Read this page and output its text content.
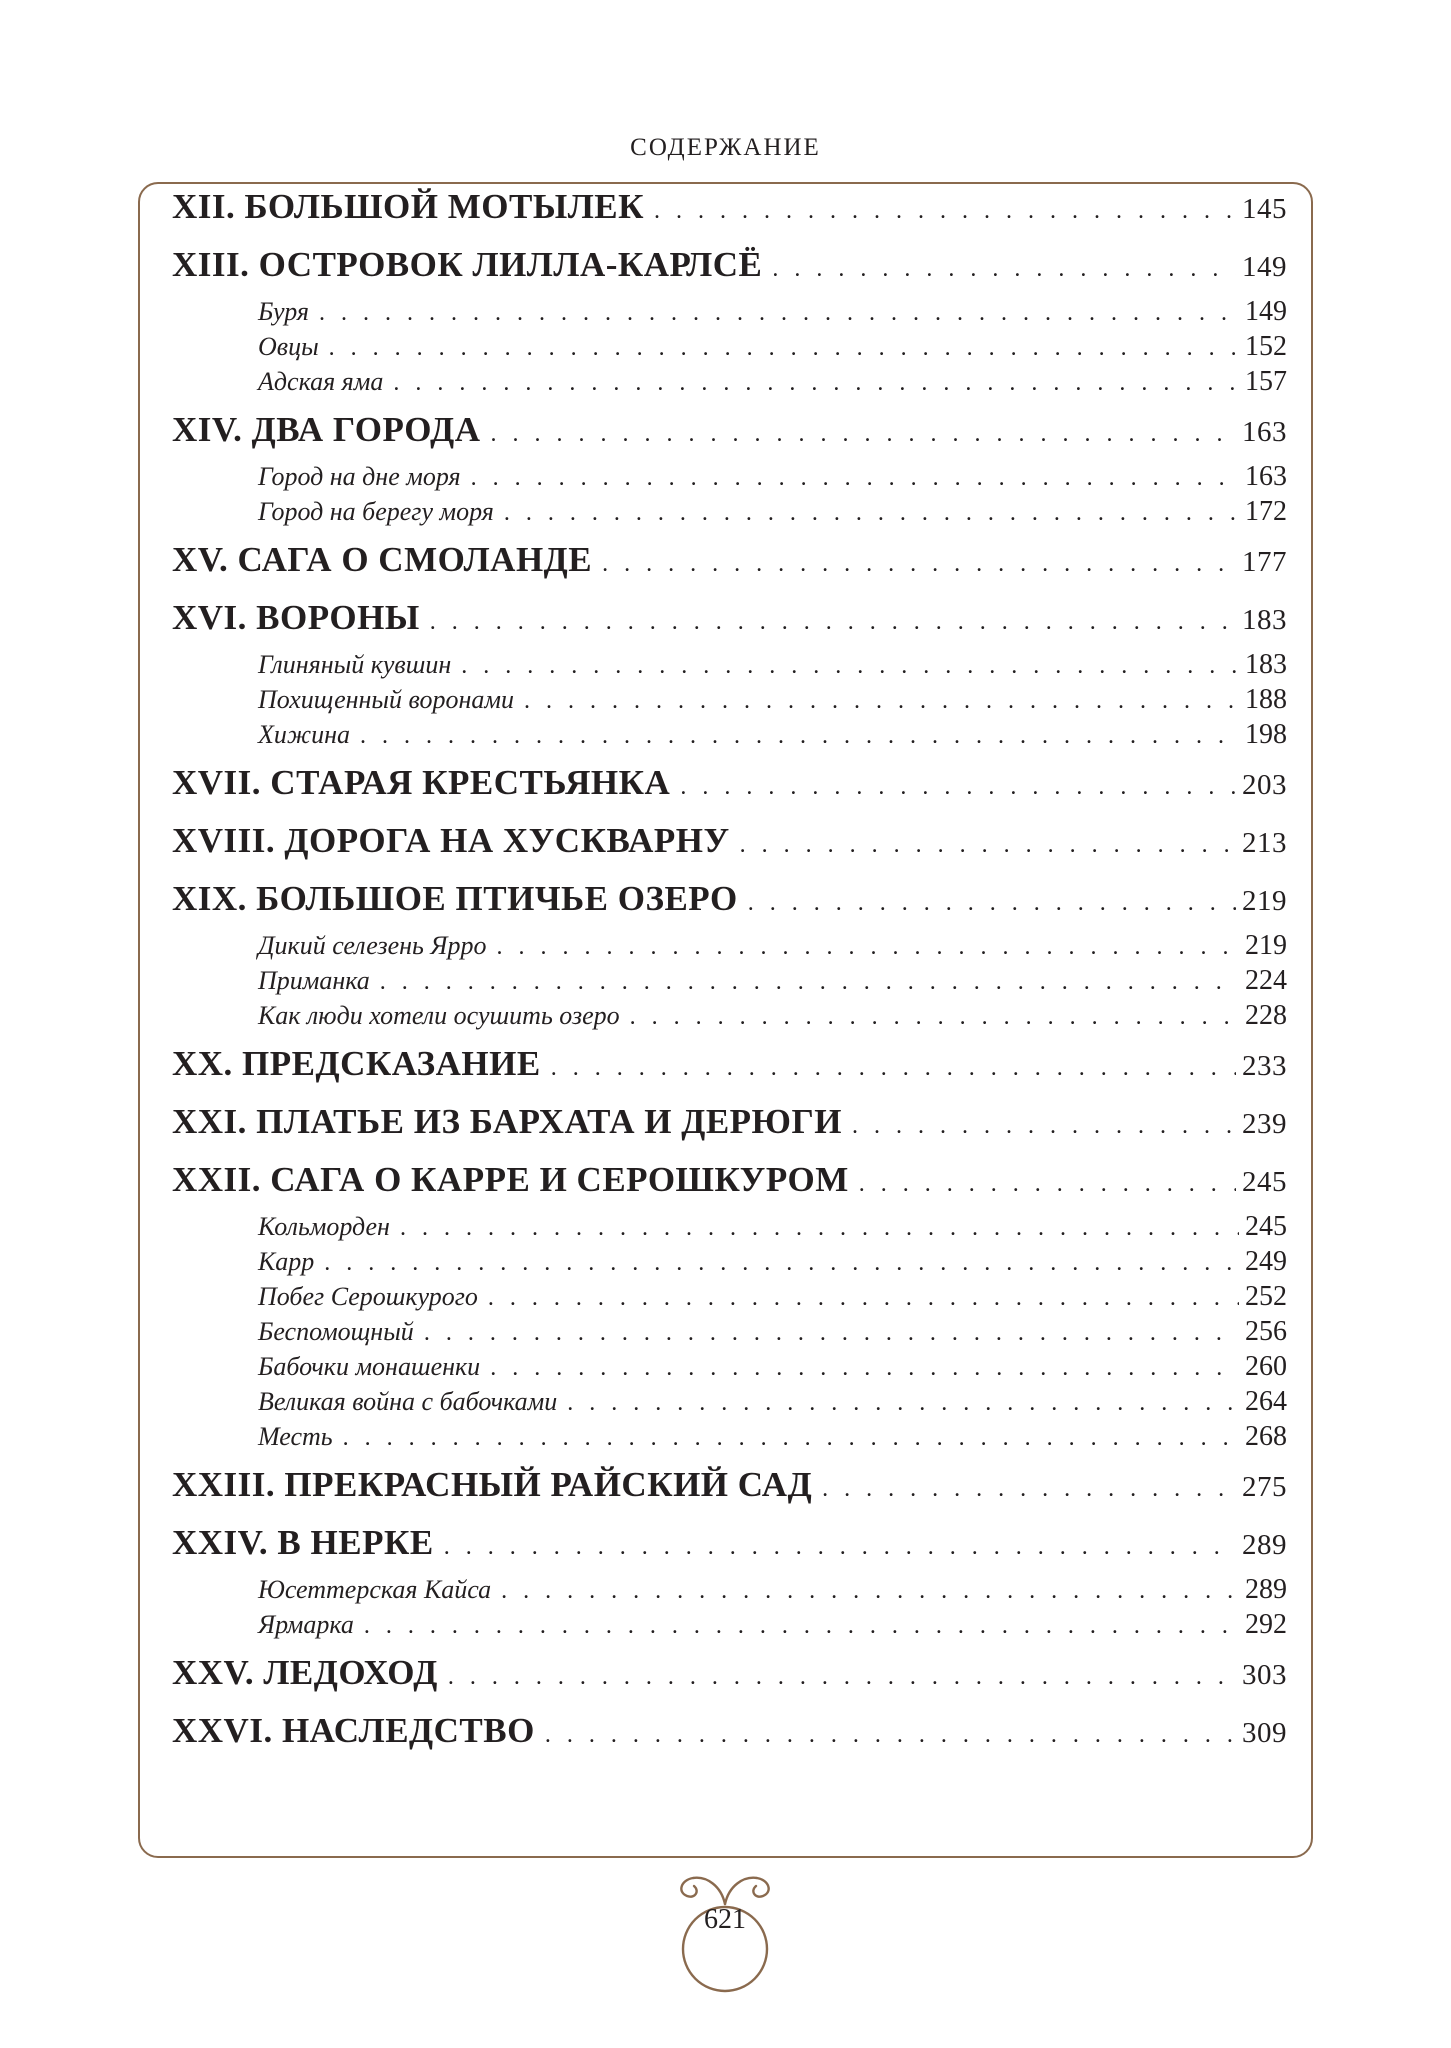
СОДЕРЖАНИЕ
XII. БОЛЬШОЙ МОТЫЛЕК . . .	145
XIII. ОСТРОВОК ЛИЛЛА-КАРЛСЁ . . .	149
Буря . . .	149
Овцы . . .	152
Адская яма . . .	157
XIV. ДВА ГОРОДА . . .	163
Город на дне моря . . .	163
Город на берегу моря . . .	172
XV. САГА О СМОЛАНДЕ . . .	177
XVI. ВОРОНЫ . . .	183
Глиняный кувшин . . .	183
Похищенный воронами . . .	188
Хижина . . .	198
XVII. СТАРАЯ КРЕСТЬЯНКА . . .	203
XVIII. ДОРОГА НА ХУСКВАРНУ . . .	213
XIX. БОЛЬШОЕ ПТИЧЬЕ ОЗЕРО . . .	219
Дикий селезень Ярро . . .	219
Приманка . . .	224
Как люди хотели осушить озеро . . .	228
XX. ПРЕДСКАЗАНИЕ . . .	233
XXI. ПЛАТЬЕ ИЗ БАРХАТА И ДЕРЮГИ . . .	239
XXII. САГА О КАРРЕ И СЕРОШКУРОМ . . .	245
Кольморден . . .	245
Карр . . .	249
Побег Серошкурого . . .	252
Беспомощный . . .	256
Бабочки монашенки . . .	260
Великая война с бабочками . . .	264
Месть . . .	268
XXIII. ПРЕКРАСНЫЙ РАЙСКИЙ САД . . .	275
XXIV. В НЕРКЕ . . .	289
Юсеттерская Кайса . . .	289
Ярмарка . . .	292
XXV. ЛЕДОХОД . . .	303
XXVI. НАСЛЕДСТВО . . .	309
621
